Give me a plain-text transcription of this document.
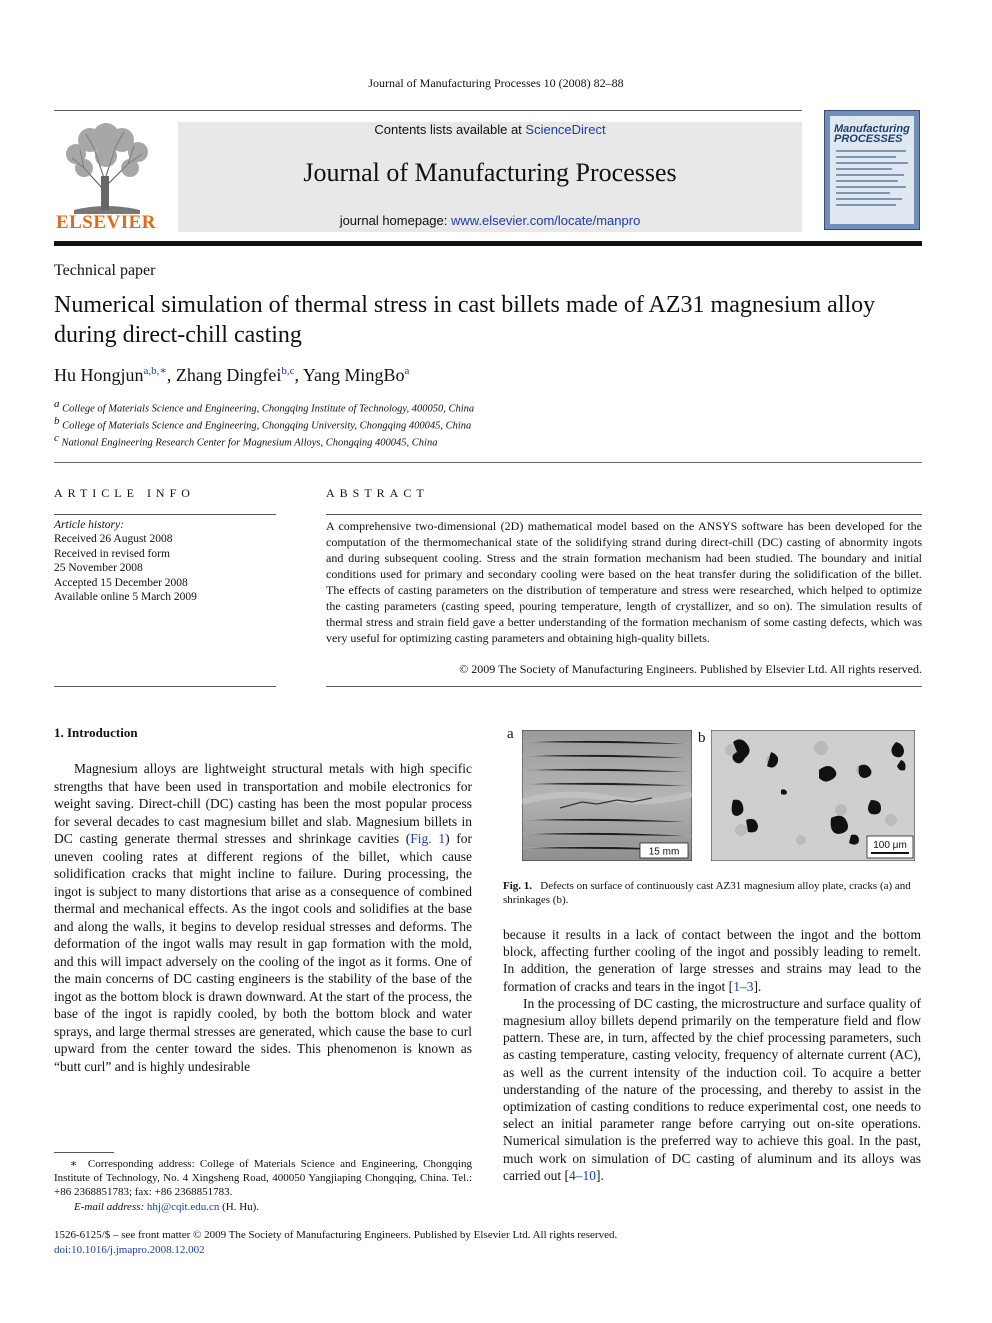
Journal of Manufacturing Processes 10 (2008) 82–88
ELSEVIER
Contents lists available at ScienceDirect
Journal of Manufacturing Processes
journal homepage: www.elsevier.com/locate/manpro
Manufacturing PROCESSES
Technical paper
Numerical simulation of thermal stress in cast billets made of AZ31 magnesium alloy during direct-chill casting
Hu Hongjun$^{a,b,∗}$, Zhang Dingfei$^{b,c}$, Yang MingBo$^a$
$^a$ College of Materials Science and Engineering, Chongqing Institute of Technology, 400050, China
$^b$ College of Materials Science and Engineering, Chongqing University, Chongqing 400045, China
$^c$ National Engineering Research Center for Magnesium Alloys, Chongqing 400045, China
ARTICLE INFO
Article history:
Received 26 August 2008
Received in revised form
25 November 2008
Accepted 15 December 2008
Available online 5 March 2009
ABSTRACT
A comprehensive two-dimensional (2D) mathematical model based on the ANSYS software has been developed for the computation of the thermomechanical state of the solidifying strand during direct-chill (DC) casting of abnormity ingots and during subsequent cooling. Stress and the strain formation mechanism had been studied. The boundary and initial conditions used for primary and secondary cooling were based on the heat transfer during the solidification of the billet. The effects of casting parameters on the distribution of temperature and stress were researched, which helped to optimize the casting parameters (casting speed, pouring temperature, length of crystallizer, and so on). The simulation results of thermal stress and strain field gave a better understanding of the formation mechanism of some casting defects, which was very useful for optimizing casting parameters and obtaining high-quality billets.
© 2009 The Society of Manufacturing Engineers. Published by Elsevier Ltd. All rights reserved.
1. Introduction
Magnesium alloys are lightweight structural metals with high specific strengths that have been used in transportation and mobile electronics for weight saving. Direct-chill (DC) casting has been the most popular process for several decades to cast magnesium billet and slab. Magnesium billets in DC casting generate thermal stresses and shrinkage cavities (Fig. 1) for uneven cooling rates at different regions of the billet, which cause solidification cracks that might incline to failure. During processing, the ingot is subject to many distortions that arise as a consequence of combined thermal and mechanical effects. As the ingot cools and solidifies at the base and along the walls, it begins to develop residual stresses and deforms. The deformation of the ingot walls may result in gap formation with the mold, and this will impact adversely on the cooling of the ingot as it forms. One of the main concerns of DC casting engineers is the stability of the base of the ingot as the bottom block is drawn downward. At the start of the process, the base of the ingot is rapidly cooled, by both the bottom block and water sprays, and large thermal stresses are generated, which cause the base to curl upward from the center toward the sides. This phenomenon is known as “butt curl” and is highly undesirable
a
15 mm
b
100 μm
Fig. 1. Defects on surface of continuously cast AZ31 magnesium alloy plate, cracks (a) and shrinkages (b).

because it results in a lack of contact between the ingot and the bottom block, affecting further cooling of the ingot and possibly leading to remelt. In addition, the generation of large stresses and strains may lead to the formation of cracks and tears in the ingot [1–3].

In the processing of DC casting, the microstructure and surface quality of magnesium alloy billets depend primarily on the temperature field and flow pattern. These are, in turn, affected by the chief processing parameters, such as casting temperature, casting velocity, frequency of alternate current (AC), as well as the current intensity of the induction coil. To acquire a better understanding of the nature of the processing, and thereby to assist in the optimization of casting conditions to reduce experimental cost, one needs to select an initial parameter range before carrying out on-site operations. Numerical simulation is the preferred way to achieve this goal. In the past, much work on simulation of DC casting of aluminum and its alloys was carried out [4–10].

∗ Corresponding address: College of Materials Science and Engineering, Chongqing Institute of Technology, No. 4 Xingsheng Road, 400050 Yangjiaping Chongqing, China. Tel.: +86 2368851783; fax: +86 2368851783.
E-mail address: hhj@cqit.edu.cn (H. Hu).
1526-6125/$ – see front matter © 2009 The Society of Manufacturing Engineers. Published by Elsevier Ltd. All rights reserved.
doi:10.1016/j.jmapro.2008.12.002
